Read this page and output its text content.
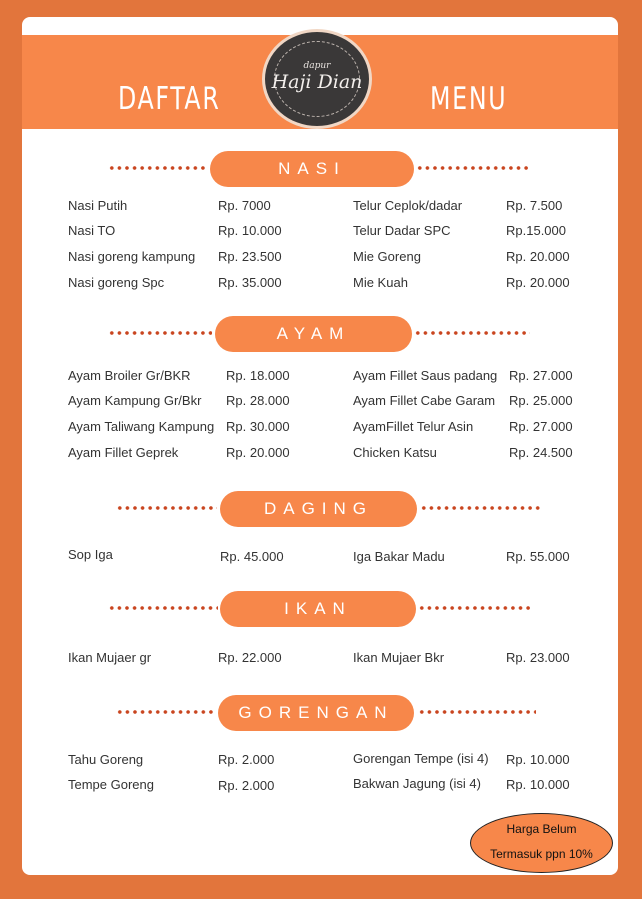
DAFTAR	MENU
dapur
Haji Dian
NASI
Nasi Putih	Rp. 7000	Telur Ceplok/dadar	Rp. 7.500
Nasi TO	Rp. 10.000	Telur Dadar SPC	Rp.15.000
Nasi goreng kampung Rp. 23.500	Mie Goreng	Rp. 20.000
Nasi goreng Spc	Rp. 35.000	Mie Kuah	Rp. 20.000
AYAM
Ayam Broiler Gr/BKR	Rp. 18.000	Ayam Fillet Saus padang Rp. 27.000
Ayam Kampung Gr/Bkr Rp. 28.000	Ayam Fillet Cabe Garam Rp. 25.000
Ayam Taliwang Kampung Rp. 30.000	AyamFillet Telur Asin	Rp. 27.000
Ayam Fillet Geprek	Rp. 20.000	Chicken Katsu	Rp. 24.500
DAGING
Sop Iga	Rp. 45.000	Iga Bakar Madu	Rp. 55.000
IKAN
Ikan Mujaer gr	Rp. 22.000	Ikan Mujaer Bkr	Rp. 23.000
GORENGAN
Tahu Goreng	Rp. 2.000	Gorengan Tempe (isi 4) Rp. 10.000
Tempe Goreng	Rp. 2.000	Bakwan Jagung (isi 4) Rp. 10.000
Harga Belum
Termasuk ppn 10%
